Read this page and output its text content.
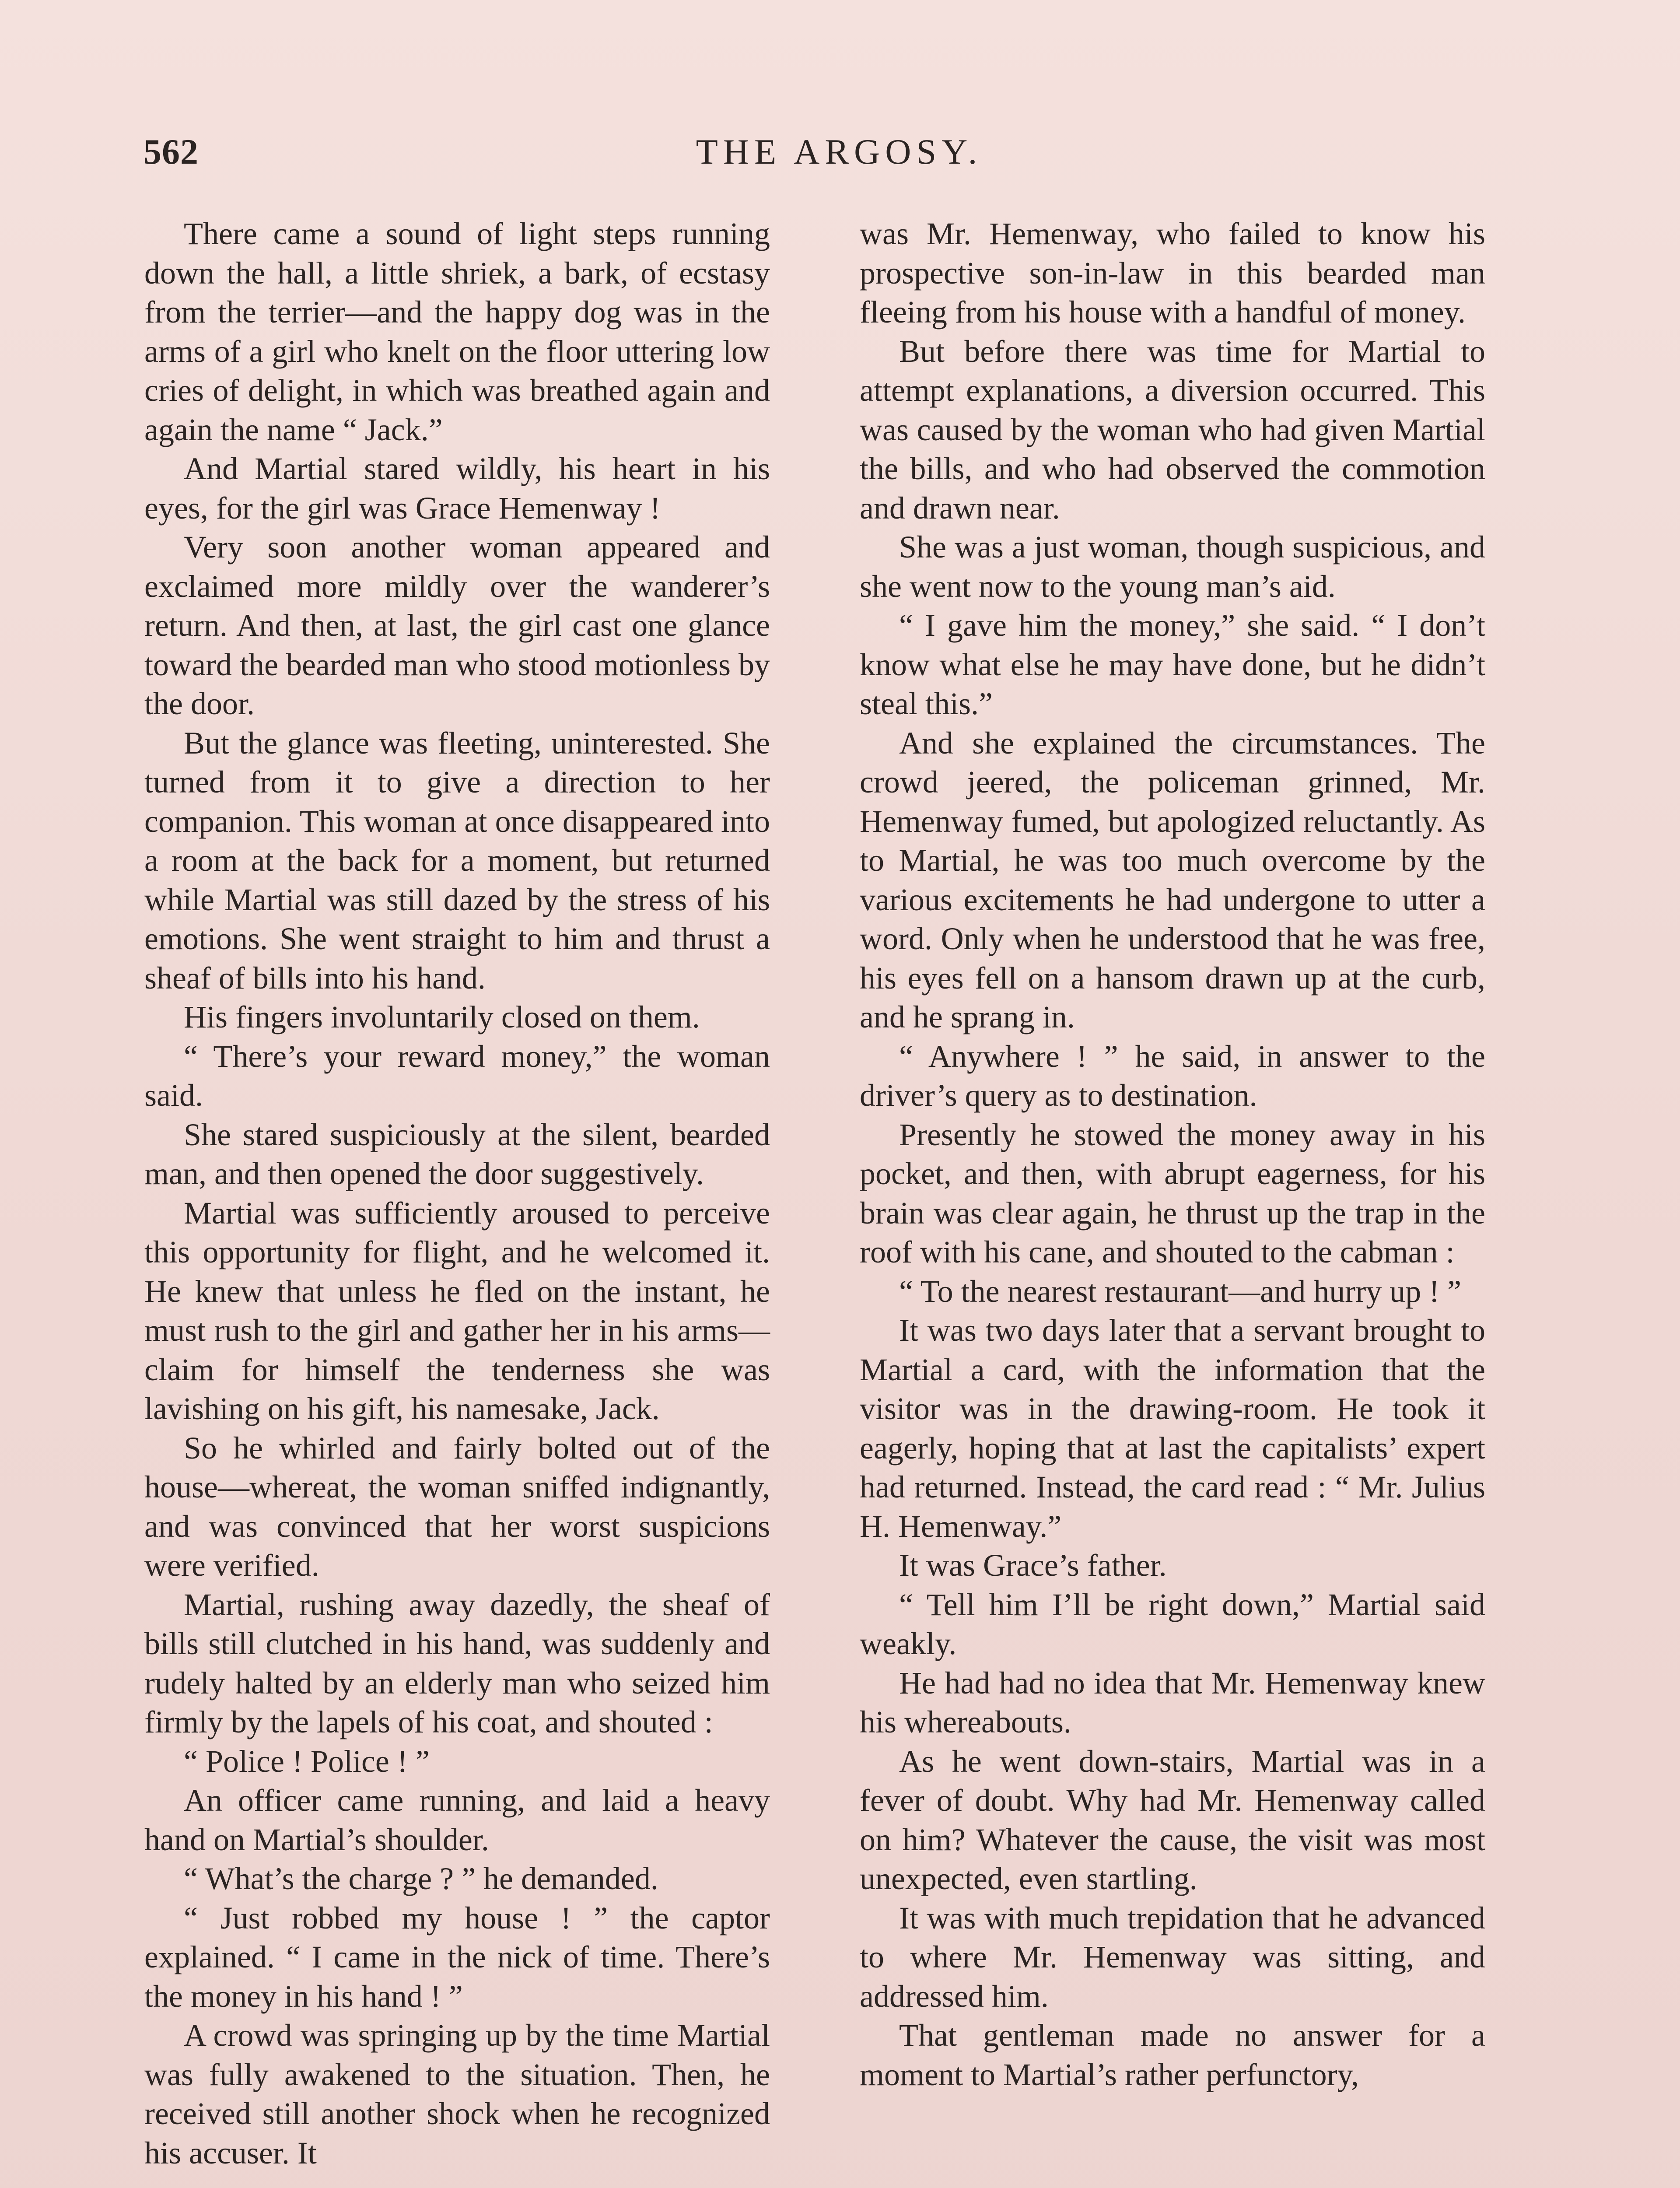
562	THE ARGOSY.

There came a sound of light steps running down the hall, a little shriek, a bark, of ecstasy from the terrier—and the happy dog was in the arms of a girl who knelt on the floor uttering low cries of delight, in which was breathed again and again the name “ Jack.”

And Martial stared wildly, his heart in his eyes, for the girl was Grace Hemenway !

Very soon another woman appeared and exclaimed more mildly over the wanderer’s return. And then, at last, the girl cast one glance toward the bearded man who stood motionless by the door.

But the glance was fleeting, uninterested. She turned from it to give a direction to her companion. This woman at once disappeared into a room at the back for a moment, but returned while Martial was still dazed by the stress of his emotions. She went straight to him and thrust a sheaf of bills into his hand.

His fingers involuntarily closed on them.

“ There’s your reward money,” the woman said.

She stared suspiciously at the silent, bearded man, and then opened the door suggestively.

Martial was sufficiently aroused to perceive this opportunity for flight, and he welcomed it. He knew that unless he fled on the instant, he must rush to the girl and gather her in his arms—claim for himself the tenderness she was lavishing on his gift, his namesake, Jack.

So he whirled and fairly bolted out of the house—whereat, the woman sniffed indignantly, and was convinced that her worst suspicions were verified.

Martial, rushing away dazedly, the sheaf of bills still clutched in his hand, was suddenly and rudely halted by an elderly man who seized him firmly by the lapels of his coat, and shouted :

“ Police ! Police ! ”

An officer came running, and laid a heavy hand on Martial’s shoulder.

“ What’s the charge ? ” he demanded.

“ Just robbed my house ! ” the captor explained. “ I came in the nick of time. There’s the money in his hand ! ”

A crowd was springing up by the time Martial was fully awakened to the situation. Then, he received still another shock when he recognized his accuser. It

was Mr. Hemenway, who failed to know his prospective son-in-law in this bearded man fleeing from his house with a handful of money.

But before there was time for Martial to attempt explanations, a diversion occurred. This was caused by the woman who had given Martial the bills, and who had observed the commotion and drawn near.

She was a just woman, though suspicious, and she went now to the young man’s aid.

“ I gave him the money,” she said. “ I don’t know what else he may have done, but he didn’t steal this.”

And she explained the circumstances. The crowd jeered, the policeman grinned, Mr. Hemenway fumed, but apologized reluctantly. As to Martial, he was too much overcome by the various excitements he had undergone to utter a word. Only when he understood that he was free, his eyes fell on a hansom drawn up at the curb, and he sprang in.

“ Anywhere ! ” he said, in answer to the driver’s query as to destination.

Presently he stowed the money away in his pocket, and then, with abrupt eagerness, for his brain was clear again, he thrust up the trap in the roof with his cane, and shouted to the cabman :

“ To the nearest restaurant—and hurry up ! ”

It was two days later that a servant brought to Martial a card, with the information that the visitor was in the drawing-room. He took it eagerly, hoping that at last the capitalists’ expert had returned. Instead, the card read : “ Mr. Julius H. Hemenway.”

It was Grace’s father.

“ Tell him I’ll be right down,” Martial said weakly.

He had had no idea that Mr. Hemenway knew his whereabouts.

As he went down-stairs, Martial was in a fever of doubt. Why had Mr. Hemenway called on him? Whatever the cause, the visit was most unexpected, even startling.

It was with much trepidation that he advanced to where Mr. Hemenway was sitting, and addressed him.

That gentleman made no answer for a moment to Martial’s rather perfunctory,
